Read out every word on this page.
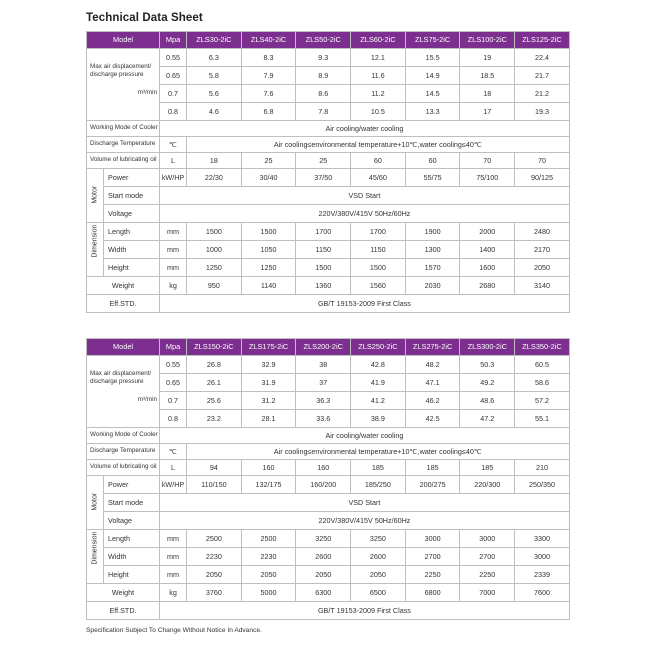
Technical Data Sheet
Model		Mpa	ZLS30-2iC	ZLS40-2iC	ZLS50-2iC	ZLS60-2iC	ZLS75-2iC	ZLS100-2iC	ZLS125-2iC

Max air displacement/
discharge pressure
m³/min		0.55	6.3	8.3	9.3	12.1	15.5	19	22.4
		0.65	5.8	7.9	8.9	11.6	14.9	18.5	21.7
		0.7	5.6	7.6	8.6	11.2	14.5	18	21.2
		0.8	4.6	6.8	7.8	10.5	13.3	17	19.3
Working Mode of Cooler		Air cooling/water cooling							
Discharge Temperature		℃	Air cooling≤environmental temperature+10℃,water cooling≤40℃						
Volume of lubricating oil		L	18	25	25	60	60	70	70

Motor	Power	kW/HP	22/30	30/40	37/50	45/60	55/75	75/100	90/125
	Start mode	VSD Start							
	Voltage	220V/380V/415V 50Hz/60Hz							

Dimension	Length	mm	1500	1500	1700	1700	1900	2000	2480
	Width	mm	1000	1050	1150	1150	1300	1400	2170
	Height	mm	1250	1250	1500	1500	1570	1600	2050
Weight		kg	950	1140	1360	1560	2030	2680	3140
Eff.STD.		GB/T 19153-2009 First Class							
Model		Mpa	ZLS150-2iC	ZLS175-2iC	ZLS200-2iC	ZLS250-2iC	ZLS275-2iC	ZLS300-2iC	ZLS350-2iC

Max air displacement/
discharge pressure
m³/min		0.55	26.8	32.9	38	42.8	48.2	50.3	60.5
		0.65	26.1	31.9	37	41.9	47.1	49.2	58.6
		0.7	25.6	31.2	36.3	41.2	46.2	48.6	57.2
		0.8	23.2	28.1	33.6	38.9	42.5	47.2	55.1
Working Mode of Cooler		Air cooling/water cooling							
Discharge Temperature		℃	Air cooling≤environmental temperature+10℃,water cooling≤40℃						
Volume of lubricating oil		L	94	160	160	185	185	185	210

Motor	Power	kW/HP	110/150	132/175	160/200	185/250	200/275	220/300	250/350
	Start mode	VSD Start							
	Voltage	220V/380V/415V 50Hz/60Hz							

Dimension	Length	mm	2500	2500	3250	3250	3000	3000	3300
	Width	mm	2230	2230	2600	2600	2700	2700	3000
	Height	mm	2050	2050	2050	2050	2250	2250	2339
Weight		kg	3760	5000	6300	6500	6800	7000	7600
Eff.STD.		GB/T 19153-2009 First Class							
Specification Subject To Change Without Notice In Advance.
